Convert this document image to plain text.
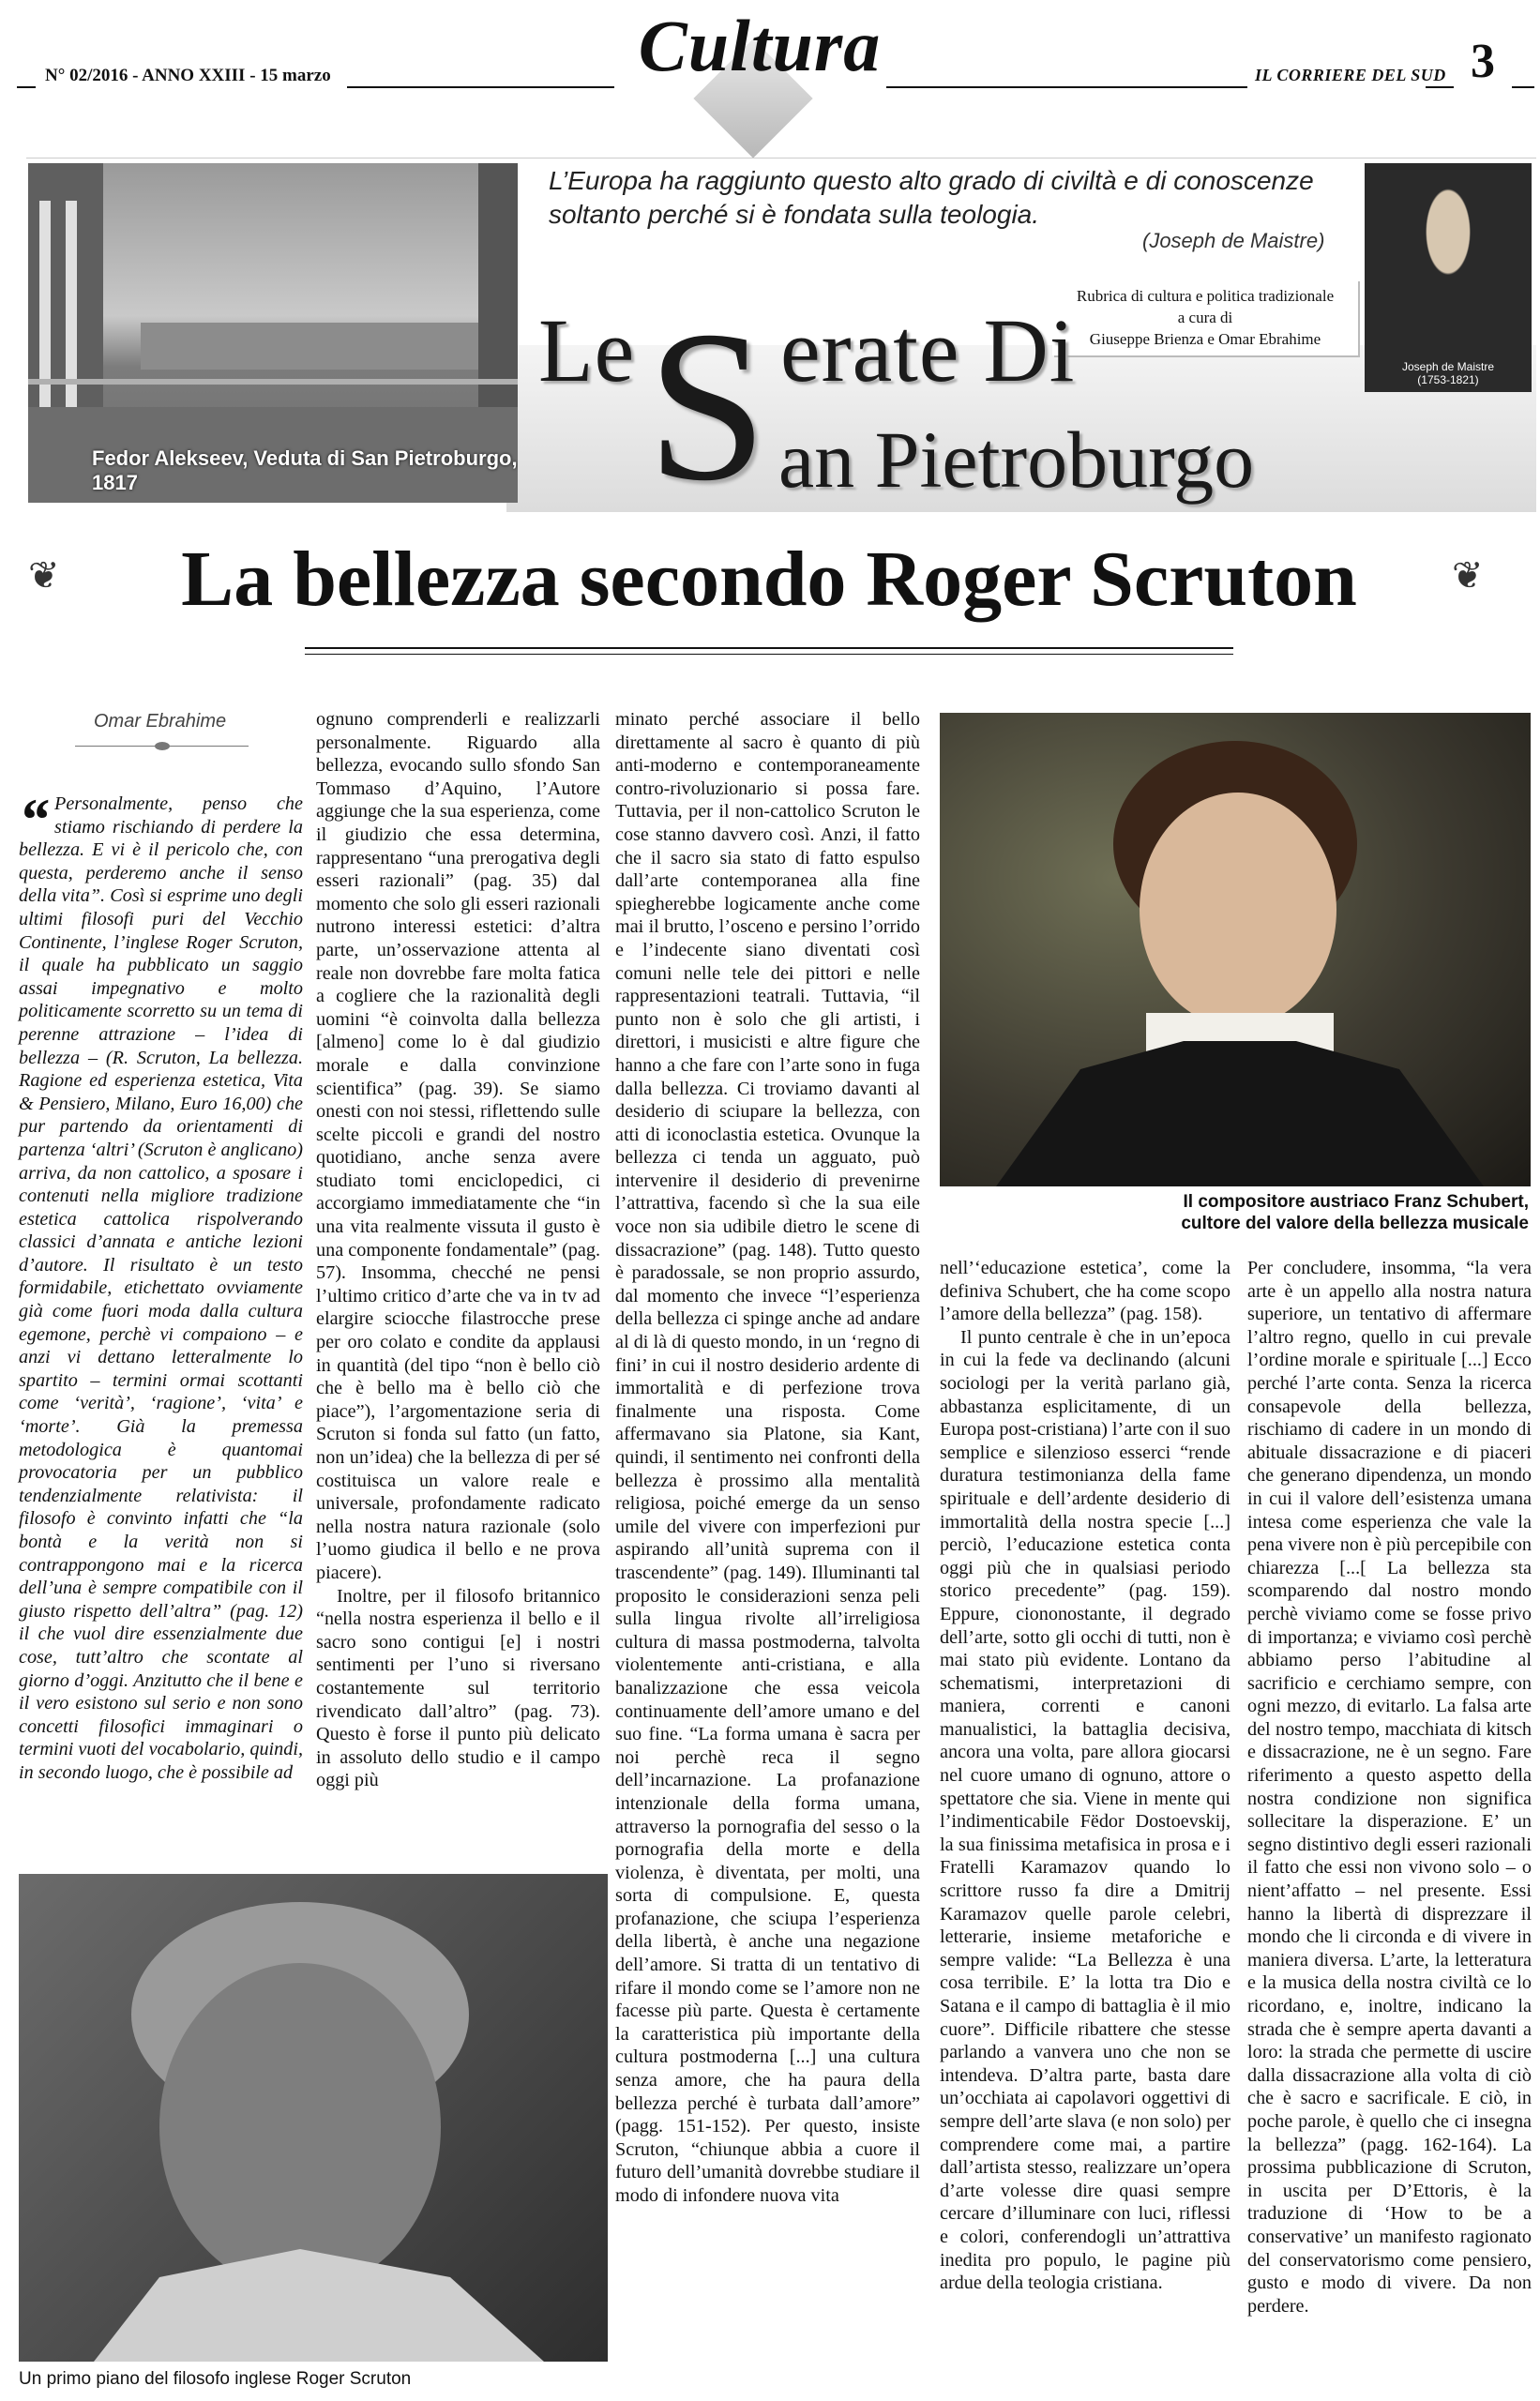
N° 02/2016 - ANNO XXIII - 15 marzo	Cultura	IL CORRIERE DEL SUD 3
Fedor Alekseev, Veduta di San Pietroburgo, 1817
L’Europa ha raggiunto questo alto grado di civiltà e di conoscenze soltanto perché si è fondata sulla teologia.
(Joseph de Maistre)
Rubrica di cultura e politica tradizionale
a cura di
Giuseppe Brienza e Omar Ebrahime
Joseph de Maistre
(1753-1821)
Le S erate Di
an Pietroburgo
❦	La bellezza secondo Roger Scruton	❦
Omar Ebrahime

“ Personalmente, penso che stiamo rischiando di perdere la bellezza. E vi è il pericolo che, con questa, perderemo anche il senso della vita”. Così si esprime uno degli ultimi filosofi puri del Vecchio Continente, l’inglese Roger Scruton, il quale ha pubblicato un saggio assai impegnativo e molto politicamente scorretto su un tema di perenne attrazione – l’idea di bellezza – (R. Scruton, La bellezza. Ragione ed esperienza estetica, Vita & Pensiero, Milano, Euro 16,00) che pur partendo da orientamenti di partenza ‘altri’ (Scruton è anglicano) arriva, da non cattolico, a sposare i contenuti nella migliore tradizione estetica cattolica rispolverando classici d’annata e antiche lezioni d’autore. Il risultato è un testo formidabile, etichettato ovviamente già come fuori moda dalla cultura egemone, perchè vi compaiono – e anzi vi dettano letteralmente lo spartito – termini ormai scottanti come ‘verità’, ‘ragione’, ‘vita’ e ‘morte’. Già la premessa metodologica è quantomai provocatoria per un pubblico tendenzialmente relativista: il filosofo è convinto infatti che “la bontà e la verità non si contrappongono mai e la ricerca dell’una è sempre compatibile con il giusto rispetto dell’altra” (pag. 12) il che vuol dire essenzialmente due cose, tutt’altro che scontate al giorno d’oggi. Anzitutto che il bene e il vero esistono sul serio e non sono concetti filosofici immaginari o termini vuoti del vocabolario, quindi, in secondo luogo, che è possibile ad

ognuno comprenderli e realizzarli personalmente. Riguardo alla bellezza, evocando sullo sfondo San Tommaso d’Aquino, l’Autore aggiunge che la sua esperienza, come il giudizio che essa determina, rappresentano “una prerogativa degli esseri razionali” (pag. 35) dal momento che solo gli esseri razionali nutrono interessi estetici: d’altra parte, un’osservazione attenta al reale non dovrebbe fare molta fatica a cogliere che la razionalità degli uomini “è coinvolta dalla bellezza [almeno] come lo è dal giudizio morale e dalla convinzione scientifica” (pag. 39). Se siamo onesti con noi stessi, riflettendo sulle scelte piccoli e grandi del nostro quotidiano, anche senza avere studiato tomi enciclopedici, ci accorgiamo immediatamente che “in una vita realmente vissuta il gusto è una componente fondamentale” (pag. 57). Insomma, checché ne pensi l’ultimo critico d’arte che va in tv ad elargire sciocche filastrocche prese per oro colato e condite da applausi in quantità (del tipo “non è bello ciò che è bello ma è bello ciò che piace”), l’argomentazione seria di Scruton si fonda sul fatto (un fatto, non un’idea) che la bellezza di per sé costituisca un valore reale e universale, profondamente radicato nella nostra natura razionale (solo l’uomo giudica il bello e ne prova piacere).

Inoltre, per il filosofo britannico “nella nostra esperienza il bello e il sacro sono contigui [e] i nostri sentimenti per l’uno si riversano costantemente sul territorio rivendicato dall’altro” (pag. 73). Questo è forse il punto più delicato in assoluto dello studio e il campo oggi più

minato perché associare il bello direttamente al sacro è quanto di più anti-moderno e contemporaneamente contro-rivoluzionario si possa fare. Tuttavia, per il non-cattolico Scruton le cose stanno davvero così. Anzi, il fatto che il sacro sia stato di fatto espulso dall’arte contemporanea alla fine spiegherebbe logicamente anche come mai il brutto, l’osceno e persino l’orrido e l’indecente siano diventati così comuni nelle tele dei pittori e nelle rappresentazioni teatrali. Tuttavia, “il punto non è solo che gli artisti, i direttori, i musicisti e altre figure che hanno a che fare con l’arte sono in fuga dalla bellezza. Ci troviamo davanti al desiderio di sciupare la bellezza, con atti di iconoclastia estetica. Ovunque la bellezza ci tenda un agguato, può intervenire il desiderio di prevenirne l’attrattiva, facendo sì che la sua eile voce non sia udibile dietro le scene di dissacrazione” (pag. 148). Tutto questo è paradossale, se non proprio assurdo, dal momento che invece “l’esperienza della bellezza ci spinge anche ad andare al di là di questo mondo, in un ‘regno di fini’ in cui il nostro desiderio ardente di immortalità e di perfezione trova finalmente una risposta. Come affermavano sia Platone, sia Kant, quindi, il sentimento nei confronti della bellezza è prossimo alla mentalità religiosa, poiché emerge da un senso umile del vivere con imperfezioni pur aspirando all’unità suprema con il trascendente” (pag. 149). Illuminanti tal proposito le considerazioni senza peli sulla lingua rivolte all’irreligiosa cultura di massa postmoderna, talvolta violentemente anti-cristiana, e alla banalizzazione che essa veicola continuamente dell’amore umano e del suo fine. “La forma umana è sacra per noi perchè reca il segno dell’incarnazione. La profanazione intenzionale della forma umana, attraverso la pornografia del sesso o la pornografia della morte e della violenza, è diventata, per molti, una sorta di compulsione. E, questa profanazione, che sciupa l’esperienza della libertà, è anche una negazione dell’amore. Si tratta di un tentativo di rifare il mondo come se l’amore non ne facesse più parte. Questa è certamente la caratteristica più importante della cultura postmoderna [...] una cultura senza amore, che ha paura della bellezza perché è turbata dall’amore” (pagg. 151-152). Per questo, insiste Scruton, “chiunque abbia a cuore il futuro dell’umanità dovrebbe studiare il modo di infondere nuova vita

nell’‘educazione estetica’, come la definiva Schubert, che ha come scopo l’amore della bellezza” (pag. 158).

Il punto centrale è che in un’epoca in cui la fede va declinando (alcuni sociologi per la verità parlano già, abbastanza esplicitamente, di un Europa post-cristiana) l’arte con il suo semplice e silenzioso esserci “rende duratura testimonianza della fame spirituale e dell’ardente desiderio di immortalità della nostra specie [...] perciò, l’educazione estetica conta oggi più che in qualsiasi periodo storico precedente” (pag. 159). Eppure, ciononostante, il degrado dell’arte, sotto gli occhi di tutti, non è mai stato più evidente. Lontano da schematismi, interpretazioni di maniera, correnti e canoni manualistici, la battaglia decisiva, ancora una volta, pare allora giocarsi nel cuore umano di ognuno, attore o spettatore che sia. Viene in mente qui l’indimenticabile Fëdor Dostoevskij, la sua finissima metafisica in prosa e i Fratelli Karamazov quando lo scrittore russo fa dire a Dmitrij Karamazov quelle parole celebri, letterarie, insieme metaforiche e sempre valide: “La Bellezza è una cosa terribile. E’ la lotta tra Dio e Satana e il campo di battaglia è il mio cuore”. Difficile ribattere che stesse parlando a vanvera uno che non se intendeva. D’altra parte, basta dare un’occhiata ai capolavori oggettivi di sempre dell’arte slava (e non solo) per comprendere come mai, a partire dall’artista stesso, realizzare un’opera d’arte volesse dire quasi sempre cercare d’illuminare con luci, riflessi e colori, conferendogli un’attrattiva inedita pro populo, le pagine più ardue della teologia cristiana.

Per concludere, insomma, “la vera arte è un appello alla nostra natura superiore, un tentativo di affermare l’altro regno, quello in cui prevale l’ordine morale e spirituale [...] Ecco perché l’arte conta. Senza la ricerca consapevole della bellezza, rischiamo di cadere in un mondo di abituale dissacrazione e di piaceri che generano dipendenza, un mondo in cui il valore dell’esistenza umana intesa come esperienza che vale la pena vivere non è più percepibile con chiarezza [...[ La bellezza sta scomparendo dal nostro mondo perchè viviamo come se fosse privo di importanza; e viviamo così perchè abbiamo perso l’abitudine al sacrificio e cerchiamo sempre, con ogni mezzo, di evitarlo. La falsa arte del nostro tempo, macchiata di kitsch e dissacrazione, ne è un segno. Fare riferimento a questo aspetto della nostra condizione non significa sollecitare la disperazione. E’ un segno distintivo degli esseri razionali il fatto che essi non vivono solo – o nient’affatto – nel presente. Essi hanno la libertà di disprezzare il mondo che li circonda e di vivere in maniera diversa. L’arte, la letteratura e la musica della nostra civiltà ce lo ricordano, e, inoltre, indicano la strada che è sempre aperta davanti a loro: la strada che permette di uscire dalla dissacrazione alla volta di ciò che è sacro e sacrificale. E ciò, in poche parole, è quello che ci insegna la bellezza” (pagg. 162-164). La prossima pubblicazione di Scruton, in uscita per D’Ettoris, è la traduzione di ‘How to be a conservative’ un manifesto ragionato del conservatorismo come pensiero, gusto e modo di vivere. Da non perdere.

Il compositore austriaco Franz Schubert,
cultore del valore della bellezza musicale
Un primo piano del filosofo inglese Roger Scruton
